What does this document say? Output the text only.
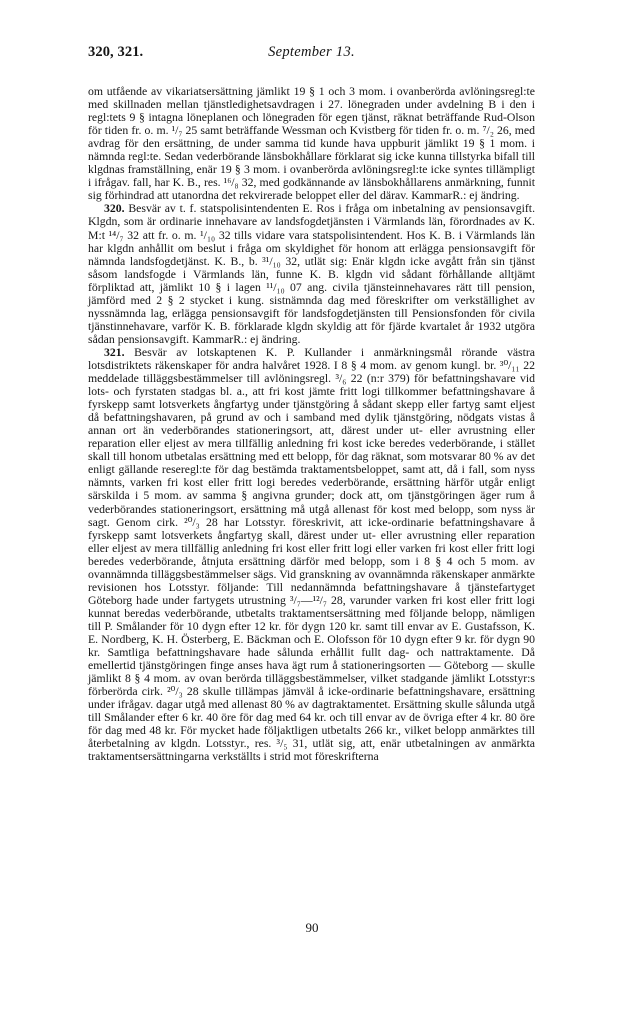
320, 321.	September 13.

om utfående av vikariatsersättning jämlikt 19 § 1 och 3 mom. i ovanberörda avlöningsregl:te med skillnaden mellan tjänstledighetsavdragen i 27. lönegraden under avdelning B i den i regl:tets 9 § intagna löneplanen och lönegraden för egen tjänst, räknat beträffande Rud-Olson för tiden fr. o. m. ¹/₇ 25 samt beträffande Wessman och Kvistberg för tiden fr. o. m. ⁷/₂ 26, med avdrag för den ersättning, de under samma tid kunde hava uppburit jämlikt 19 § 1 mom. i nämnda regl:te. Sedan vederbörande länsbokhållare förklarat sig icke kunna tillstyrka bifall till klgdnas framställning, enär 19 § 3 mom. i ovanberörda avlöningsregl:te icke syntes tillämpligt i ifrågav. fall, har K. B., res. ¹⁶/₈ 32, med godkännande av länsbokhållarens anmärkning, funnit sig förhindrad att utanordna det rekvirerade beloppet eller del därav. KammarR.: ej ändring.

320. Besvär av t. f. statspolisintendenten E. Ros i fråga om inbetalning av pensionsavgift. Klgdn, som är ordinarie innehavare av landsfogdetjänsten i Värmlands län, förordnades av K. M:t ¹⁴/₇ 32 att fr. o. m. ¹/₁₀ 32 tills vidare vara statspolisintendent. Hos K. B. i Värmlands län har klgdn anhållit om beslut i fråga om skyldighet för honom att erlägga pensionsavgift för nämnda landsfogdetjänst. K. B., b. ³¹/₁₀ 32, utlät sig: Enär klgdn icke avgått från sin tjänst såsom landsfogde i Värmlands län, funne K. B. klgdn vid sådant förhållande alltjämt förpliktad att, jämlikt 10 § i lagen ¹¹/₁₀ 07 ang. civila tjänsteinnehavares rätt till pension, jämförd med 2 § 2 stycket i kung. sistnämnda dag med föreskrifter om verkställighet av nyssnämnda lag, erlägga pensionsavgift för landsfogdetjänsten till Pensionsfonden för civila tjänstinnehavare, varför K. B. förklarade klgdn skyldig att för fjärde kvartalet år 1932 utgöra sådan pensionsavgift. KammarR.: ej ändring.

321. Besvär av lotskaptenen K. P. Kullander i anmärkningsmål rörande västra lotsdistriktets räkenskaper för andra halvåret 1928. I 8 § 4 mom. av genom kungl. br. ³⁰/₁₁ 22 meddelade tilläggsbestämmelser till avlöningsregl. ³/₆ 22 (n:r 379) för befattningshavare vid lots- och fyrstaten stadgas bl. a., att fri kost jämte fritt logi tillkommer befattningshavare å fyrskepp samt lotsverkets ångfartyg under tjänstgöring å sådant skepp eller fartyg samt eljest då befattningshavaren, på grund av och i samband med dylik tjänstgöring, nödgats vistas å annan ort än vederbörandes stationeringsort, att, därest under ut- eller avrustning eller reparation eller eljest av mera tillfällig anledning fri kost icke beredes vederbörande, i stället skall till honom utbetalas ersättning med ett belopp, för dag räknat, som motsvarar 80 % av det enligt gällande reseregl:te för dag bestämda traktamentsbeloppet, samt att, då i fall, som nyss nämnts, varken fri kost eller fritt logi beredes vederbörande, ersättning härför utgår enligt särskilda i 5 mom. av samma § angivna grunder; dock att, om tjänstgöringen äger rum å vederbörandes stationeringsort, ersättning må utgå allenast för kost med belopp, som nyss är sagt. Genom cirk. ²⁰/₃ 28 har Lotsstyr. föreskrivit, att icke-ordinarie befattningshavare å fyrskepp samt lotsverkets ångfartyg skall, därest under ut- eller avrustning eller reparation eller eljest av mera tillfällig anledning fri kost eller fritt logi eller varken fri kost eller fritt logi beredes vederbörande, åtnjuta ersättning därför med belopp, som i 8 § 4 och 5 mom. av ovannämnda tilläggsbestämmelser sägs. Vid granskning av ovannämnda räkenskaper anmärkte revisionen hos Lotsstyr. följande: Till nedannämnda befattningshavare å tjänstefartyget Göteborg hade under fartygets utrustning ³/₇—¹²/₇ 28, varunder varken fri kost eller fritt logi kunnat beredas vederbörande, utbetalts traktamentsersättning med följande belopp, nämligen till P. Smålander för 10 dygn efter 12 kr. för dygn 120 kr. samt till envar av E. Gustafsson, K. E. Nordberg, K. H. Österberg, E. Bäckman och E. Olofsson för 10 dygn efter 9 kr. för dygn 90 kr. Samtliga befattningshavare hade sålunda erhållit fullt dag- och nattraktamente. Då emellertid tjänstgöringen finge anses hava ägt rum å stationeringsorten — Göteborg — skulle jämlikt 8 § 4 mom. av ovan berörda tilläggsbestämmelser, vilket stadgande jämlikt Lotsstyr:s förberörda cirk. ²⁰/₃ 28 skulle tillämpas jämväl å icke-ordinarie befattningshavare, ersättning under ifrågav. dagar utgå med allenast 80 % av dagtraktamentet. Ersättning skulle sålunda utgå till Smålander efter 6 kr. 40 öre för dag med 64 kr. och till envar av de övriga efter 4 kr. 80 öre för dag med 48 kr. För mycket hade följaktligen utbetalts 266 kr., vilket belopp anmärktes till återbetalning av klgdn. Lotsstyr., res. ³/₅ 31, utlät sig, att, enär utbetalningen av anmärkta traktamentsersättningarna verkställts i strid mot föreskrifterna

90
